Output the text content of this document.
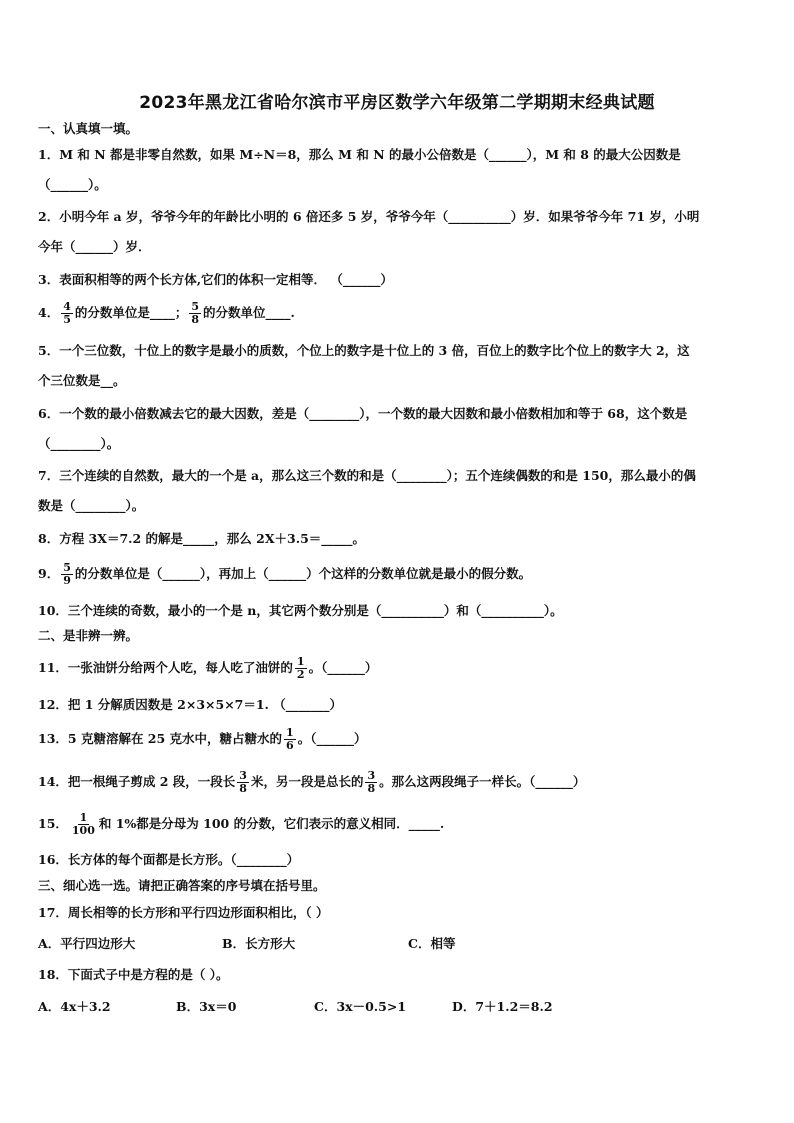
2023年黑龙江省哈尔滨市平房区数学六年级第二学期期末经典试题
一、认真填一填。
1．M 和 N 都是非零自然数，如果 M÷N＝8，那么 M 和 N 的最小公倍数是（______），M 和 8 的最大公因数是
（______）。
2．小明今年 a 岁，爷爷今年的年龄比小明的 6 倍还多 5 岁，爷爷今年（__________）岁．如果爷爷今年 71 岁，小明
今年（______）岁．
3．表面积相等的两个长方体,它们的体积一定相等． （______）
4． $\frac{4}{5}$ 的分数单位是____； $\frac{5}{8}$ 的分数单位____.
5．一个三位数，十位上的数字是最小的质数，个位上的数字是十位上的 3 倍，百位上的数字比个位上的数字大 2，这
个三位数是__。
6．一个数的最小倍数减去它的最大因数，差是（________），一个数的最大因数和最小倍数相加和等于 68，这个数是
（________）。
7．三个连续的自然数，最大的一个是 a，那么这三个数的和是（________）；五个连续偶数的和是 150，那么最小的偶
数是（________）。
8．方程 3X＝7.2 的解是_____，那么 2X＋3.5＝_____。
9． $\frac{5}{9}$ 的分数单位是（______），再加上（______）个这样的分数单位就是最小的假分数。
10．三个连续的奇数，最小的一个是 n，其它两个数分别是（__________）和（__________）。
二、是非辨一辨。
11．一张油饼分给两个人吃，每人吃了油饼的 $\frac{1}{2}$ 。（______）
12．把 1 分解质因数是 2×3×5×7＝1. （_______）
13．5 克糖溶解在 25 克水中，糖占糖水的 $\frac{1}{6}$ 。（______）
14．把一根绳子剪成 2 段，一段长 $\frac{3}{8}$ 米，另一段是总长的 $\frac{3}{8}$ 。那么这两段绳子一样长。（______）
15． $\frac{1}{100}$ 和 1%都是分母为 100 的分数，它们表示的意义相同．_____.
16．长方体的每个面都是长方形。（________）
三、细心选一选。请把正确答案的序号填在括号里。
17．周长相等的长方形和平行四边形面积相比，（ ）
A．平行四边形大	B．长方形大	C．相等
18．下面式子中是方程的是（ ）。
A．4x＋3.2	B．3x＝0	C．3x－0.5>1	D．7＋1.2＝8.2
